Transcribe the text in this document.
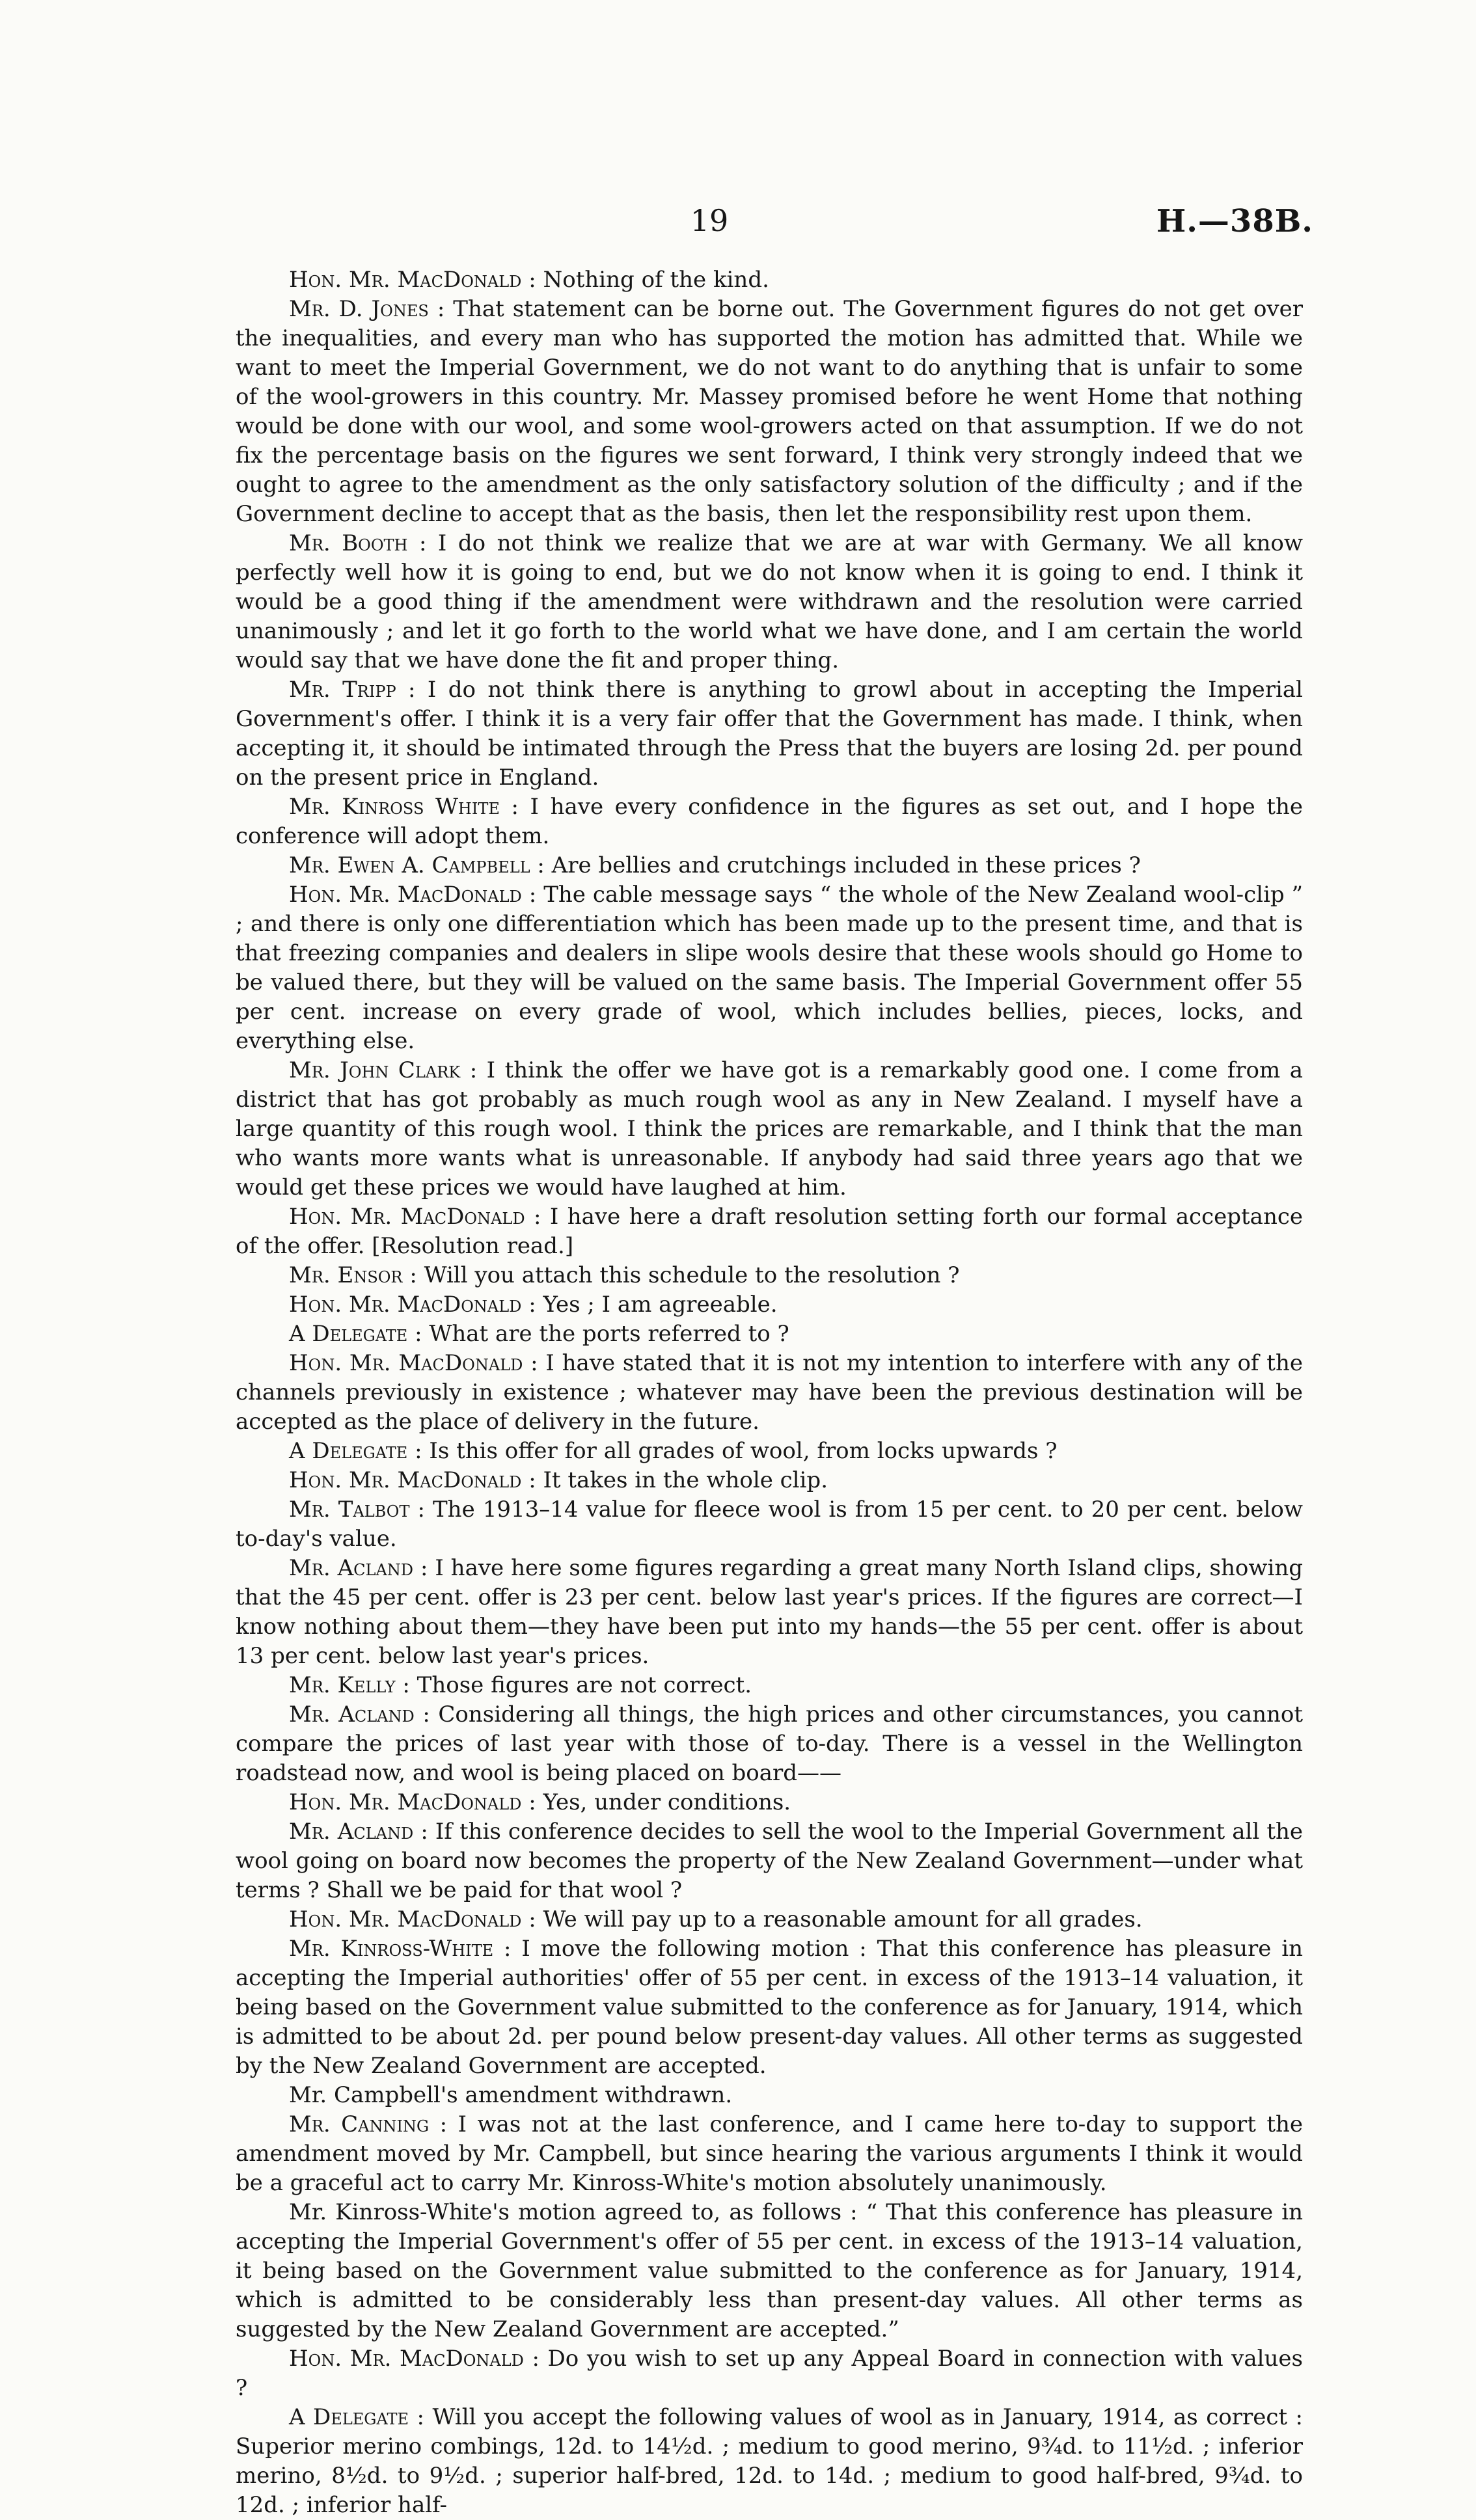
19	H.—38B.

Hon. Mr. MacDonald : Nothing of the kind.

Mr. D. Jones : That statement can be borne out. The Government figures do not get over the inequalities, and every man who has supported the motion has admitted that. While we want to meet the Imperial Government, we do not want to do anything that is unfair to some of the wool-growers in this country. Mr. Massey promised before he went Home that nothing would be done with our wool, and some wool-growers acted on that assumption. If we do not fix the percentage basis on the figures we sent forward, I think very strongly indeed that we ought to agree to the amendment as the only satisfactory solution of the difficulty ; and if the Government decline to accept that as the basis, then let the responsibility rest upon them.

Mr. Booth : I do not think we realize that we are at war with Germany. We all know perfectly well how it is going to end, but we do not know when it is going to end. I think it would be a good thing if the amendment were withdrawn and the resolution were carried unanimously ; and let it go forth to the world what we have done, and I am certain the world would say that we have done the fit and proper thing.

Mr. Tripp : I do not think there is anything to growl about in accepting the Imperial Government's offer. I think it is a very fair offer that the Government has made. I think, when accepting it, it should be intimated through the Press that the buyers are losing 2d. per pound on the present price in England.

Mr. Kinross White : I have every confidence in the figures as set out, and I hope the conference will adopt them.

Mr. Ewen A. Campbell : Are bellies and crutchings included in these prices ?

Hon. Mr. MacDonald : The cable message says “ the whole of the New Zealand wool-clip ” ; and there is only one differentiation which has been made up to the present time, and that is that freezing companies and dealers in slipe wools desire that these wools should go Home to be valued there, but they will be valued on the same basis. The Imperial Government offer 55 per cent. increase on every grade of wool, which includes bellies, pieces, locks, and everything else.

Mr. John Clark : I think the offer we have got is a remarkably good one. I come from a district that has got probably as much rough wool as any in New Zealand. I myself have a large quantity of this rough wool. I think the prices are remarkable, and I think that the man who wants more wants what is unreasonable. If anybody had said three years ago that we would get these prices we would have laughed at him.

Hon. Mr. MacDonald : I have here a draft resolution setting forth our formal acceptance of the offer. [Resolution read.]

Mr. Ensor : Will you attach this schedule to the resolution ?

Hon. Mr. MacDonald : Yes ; I am agreeable.

A Delegate : What are the ports referred to ?

Hon. Mr. MacDonald : I have stated that it is not my intention to interfere with any of the channels previously in existence ; whatever may have been the previous destination will be accepted as the place of delivery in the future.

A Delegate : Is this offer for all grades of wool, from locks upwards ?

Hon. Mr. MacDonald : It takes in the whole clip.

Mr. Talbot : The 1913–14 value for fleece wool is from 15 per cent. to 20 per cent. below to-day's value.

Mr. Acland : I have here some figures regarding a great many North Island clips, showing that the 45 per cent. offer is 23 per cent. below last year's prices. If the figures are correct—I know nothing about them—they have been put into my hands—the 55 per cent. offer is about 13 per cent. below last year's prices.

Mr. Kelly : Those figures are not correct.

Mr. Acland : Considering all things, the high prices and other circumstances, you cannot compare the prices of last year with those of to-day. There is a vessel in the Wellington roadstead now, and wool is being placed on board——

Hon. Mr. MacDonald : Yes, under conditions.

Mr. Acland : If this conference decides to sell the wool to the Imperial Government all the wool going on board now becomes the property of the New Zealand Government—under what terms ? Shall we be paid for that wool ?

Hon. Mr. MacDonald : We will pay up to a reasonable amount for all grades.

Mr. Kinross-White : I move the following motion : That this conference has pleasure in accepting the Imperial authorities' offer of 55 per cent. in excess of the 1913–14 valuation, it being based on the Government value submitted to the conference as for January, 1914, which is admitted to be about 2d. per pound below present-day values. All other terms as suggested by the New Zealand Government are accepted.

Mr. Campbell's amendment withdrawn.

Mr. Canning : I was not at the last conference, and I came here to-day to support the amendment moved by Mr. Campbell, but since hearing the various arguments I think it would be a graceful act to carry Mr. Kinross-White's motion absolutely unanimously.

Mr. Kinross-White's motion agreed to, as follows : “ That this conference has pleasure in accepting the Imperial Government's offer of 55 per cent. in excess of the 1913–14 valuation, it being based on the Government value submitted to the conference as for January, 1914, which is admitted to be considerably less than present-day values. All other terms as suggested by the New Zealand Government are accepted.”

Hon. Mr. MacDonald : Do you wish to set up any Appeal Board in connection with values ?

A Delegate : Will you accept the following values of wool as in January, 1914, as correct : Superior merino combings, 12d. to 14½d. ; medium to good merino, 9¾d. to 11½d. ; inferior merino, 8½d. to 9½d. ; superior half-bred, 12d. to 14d. ; medium to good half-bred, 9¾d. to 12d. ; inferior half-
